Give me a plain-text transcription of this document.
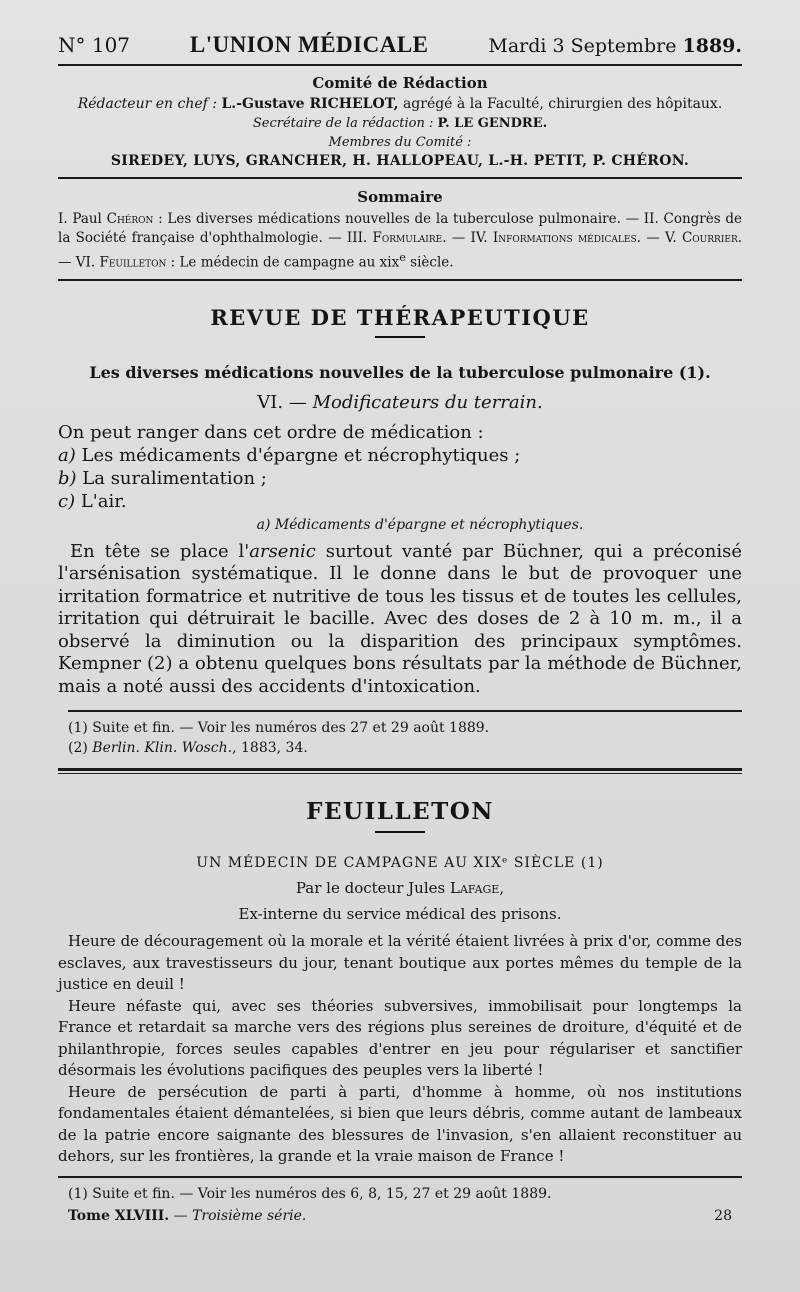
N° 107	L'UNION MÉDICALE	Mardi 3 Septembre 1889.
Comité de Rédaction
Rédacteur en chef : L.-Gustave RICHELOT, agrégé à la Faculté, chirurgien des hôpitaux.
Secrétaire de la rédaction : P. LE GENDRE.
Membres du Comité :
SIREDEY, LUYS, GRANCHER, H. HALLOPEAU, L.-H. PETIT, P. CHÉRON.
Sommaire
I. Paul Chéron : Les diverses médications nouvelles de la tuberculose pulmonaire. — II. Congrès de la Société française d'ophthalmologie. — III. Formulaire. — IV. Informations médicales. — V. Courrier. — VI. Feuilleton : Le médecin de campagne au xix$^e$ siècle.
REVUE DE THÉRAPEUTIQUE
Les diverses médications nouvelles de la tuberculose pulmonaire (1).
VI. — Modificateurs du terrain.
On peut ranger dans cet ordre de médication :
a) Les médicaments d'épargne et nécrophytiques ;
b) La suralimentation ;
c) L'air.
a) Médicaments d'épargne et nécrophytiques.
En tête se place l'arsenic surtout vanté par Büchner, qui a préconisé l'arsénisation systématique. Il le donne dans le but de provoquer une irritation formatrice et nutritive de tous les tissus et de toutes les cellules, irritation qui détruirait le bacille. Avec des doses de 2 à 10 m. m., il a observé la diminution ou la disparition des principaux symptômes. Kempner (2) a obtenu quelques bons résultats par la méthode de Büchner, mais a noté aussi des accidents d'intoxication.
(1) Suite et fin. — Voir les numéros des 27 et 29 août 1889.
(2) Berlin. Klin. Wosch., 1883, 34.
FEUILLETON
UN MÉDECIN DE CAMPAGNE AU XIXᵉ SIÈCLE (1)
Par le docteur Jules Lafage,
Ex-interne du service médical des prisons.
Heure de découragement où la morale et la vérité étaient livrées à prix d'or, comme des esclaves, aux travestisseurs du jour, tenant boutique aux portes mêmes du temple de la justice en deuil !
Heure néfaste qui, avec ses théories subversives, immobilisait pour longtemps la France et retardait sa marche vers des régions plus sereines de droiture, d'équité et de philanthropie, forces seules capables d'entrer en jeu pour régulariser et sanctifier désormais les évolutions pacifiques des peuples vers la liberté !
Heure de persécution de parti à parti, d'homme à homme, où nos institutions fondamentales étaient démantelées, si bien que leurs débris, comme autant de lambeaux de la patrie encore saignante des blessures de l'invasion, s'en allaient reconstituer au dehors, sur les frontières, la grande et la vraie maison de France !
(1) Suite et fin. — Voir les numéros des 6, 8, 15, 27 et 29 août 1889.
Tome XLVIII. — Troisième série.	28
